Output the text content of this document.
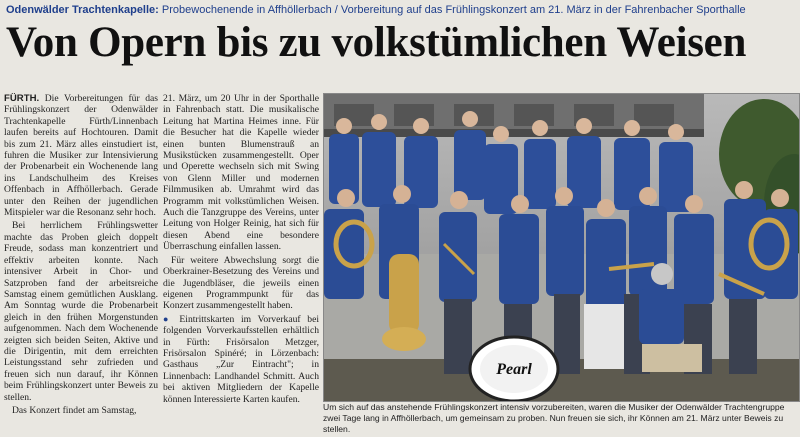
Odenwälder Trachtenkapelle: Probewochenende in Affhöllerbach / Vorbereitung auf das Frühlingskonzert am 21. März in der Fahrenbacher Sporthalle
Von Opern bis zu volkstümlichen Weisen

FÜRTH. Die Vorbereitungen für das Frühlingskonzert der Odenwälder Trachtenkapelle Fürth/Linnenbach laufen bereits auf Hochtouren. Damit bis zum 21. März alles einstudiert ist, fuhren die Musiker zur Intensivierung der Probenarbeit ein Wochenende lang ins Landschulheim des Kreises Offenbach in Affhöllerbach. Gerade unter den Reihen der jugendlichen Mitspieler war die Resonanz sehr hoch.

Bei herrlichem Frühlingswetter machte das Proben gleich doppelt Freude, sodass man konzentriert und effektiv arbeiten konnte. Nach intensiver Arbeit in Chor- und Satzproben fand der arbeitsreiche Samstag einem gemütlichen Ausklang. Am Sonntag wurde die Probenarbeit gleich in den frühen Morgenstunden aufgenommen. Nach dem Wochenende zeigten sich beiden Seiten, Aktive und die Dirigentin, mit dem erreichten Leistungsstand sehr zufrieden und freuen sich nun darauf, ihr Können beim Frühlingskonzert unter Beweis zu stellen.

Das Konzert findet am Samstag,

21. März, um 20 Uhr in der Sporthalle in Fahrenbach statt. Die musikalische Leitung hat Martina Heimes inne. Für die Besucher hat die Kapelle wieder einen bunten Blumenstrauß an Musikstücken zusammengestellt. Oper und Operette wechseln sich mit Swing von Glenn Miller und modernen Filmmusiken ab. Umrahmt wird das Programm mit volkstümlichen Weisen. Auch die Tanzgruppe des Vereins, unter Leitung von Holger Reinig, hat sich für diesen Abend eine besondere Überraschung einfallen lassen.

Für weitere Abwechslung sorgt die Oberkrainer-Besetzung des Vereins und die Jugendbläser, die jeweils einen eigenen Programmpunkt für das Konzert zusammengestellt haben.

● Eintrittskarten im Vorverkauf bei folgenden Vorverkaufsstellen erhältlich in Fürth: Frisörsalon Metzger, Frisörsalon Spinéré; in Lörzenbach: Gasthaus „Zur Eintracht"; in Linnenbach: Landhandel Schmitt. Auch bei aktiven Mitgliedern der Kapelle können Interessierte Karten kaufen.

Pearl
Um sich auf das anstehende Frühlingskonzert intensiv vorzubereiten, waren die Musiker der Odenwälder Trachtengruppe zwei Tage lang in Affhöllerbach, um gemeinsam zu proben. Nun freuen sie sich, ihr Können am 21. März unter Beweis zu stellen.
